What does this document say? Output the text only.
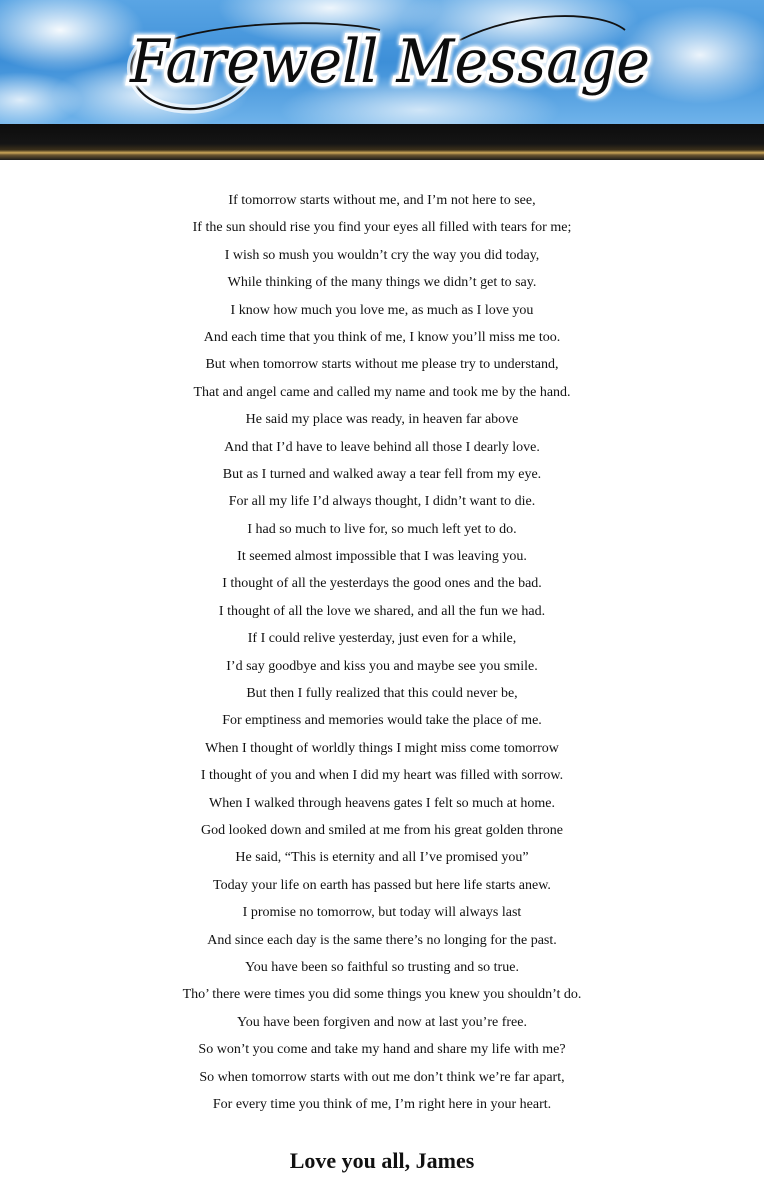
Farewell Message
If tomorrow starts without me, and I’m not here to see,
If the sun should rise you find your eyes all filled with tears for me;
I wish so mush you wouldn’t cry the way you did today,
While thinking of the many things we didn’t get to say.
I know how much you love me, as much as I love you
And each time that you think of me, I know you’ll miss me too.
But when tomorrow starts without me please try to understand,
That and angel came and called my name and took me by the hand.
He said my place was ready, in heaven far above
And that I’d have to leave behind all those I dearly love.
But as I turned and walked away a tear fell from my eye.
For all my life I’d always thought, I didn’t want to die.
I had so much to live for, so much left yet to do.
It seemed almost impossible that I was leaving you.
I thought of all the yesterdays the good ones and the bad.
I thought of all the love we shared, and all the fun we had.
If I could relive yesterday, just even for a while,
I’d say goodbye and kiss you and maybe see you smile.
But then I fully realized that this could never be,
For emptiness and memories would take the place of me.
When I thought of worldly things I might miss come tomorrow
I thought of you and when I did my heart was filled with sorrow.
When I walked through heavens gates I felt so much at home.
God looked down and smiled at me from his great golden throne
He said, “This is eternity and all I’ve promised you”
Today your life on earth has passed but here life starts anew.
I promise no tomorrow, but today will always last
And since each day is the same there’s no longing for the past.
You have been so faithful so trusting and so true.
Tho’ there were times you did some things you knew you shouldn’t do.
You have been forgiven and now at last you’re free.
So won’t you come and take my hand and share my life with me?
So when tomorrow starts with out me don’t think we’re far apart,
For every time you think of me, I’m right here in your heart.
Love you all, James
